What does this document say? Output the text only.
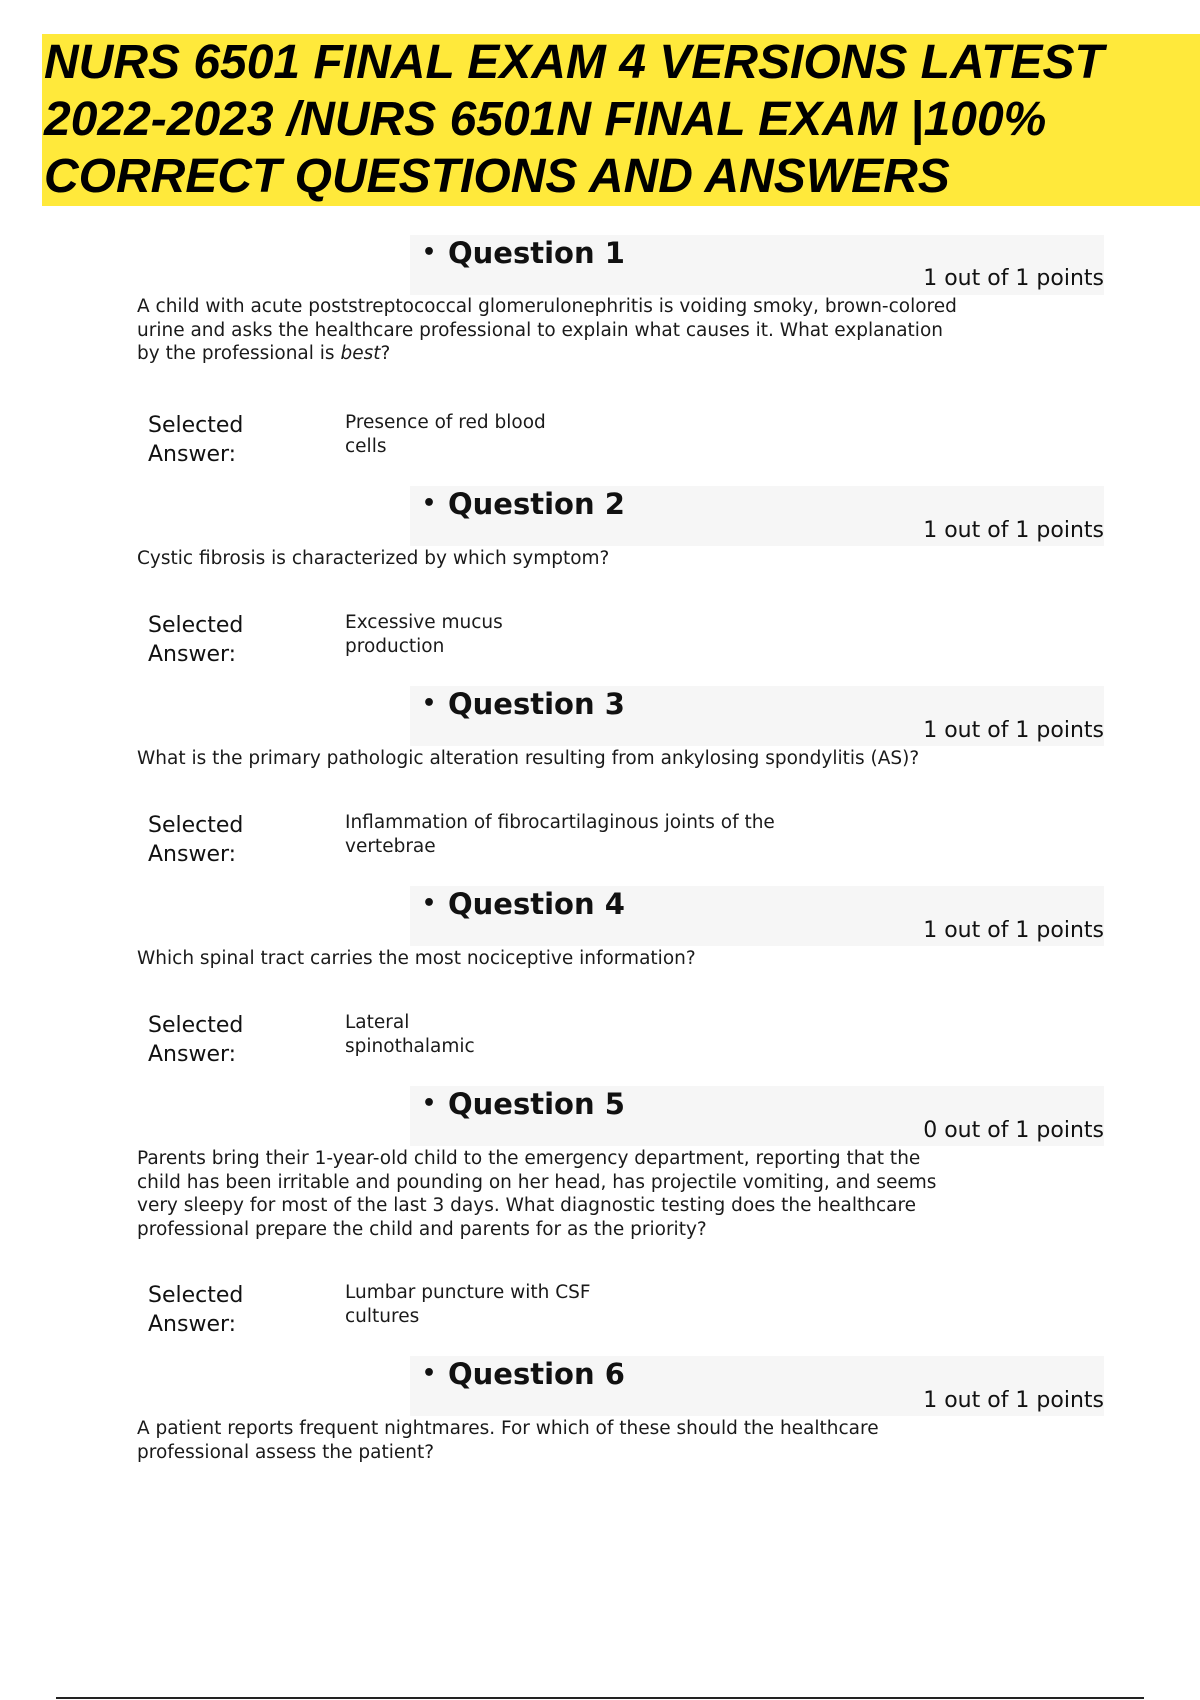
NURS 6501 FINAL EXAM 4 VERSIONS LATEST
2022-2023 /NURS 6501N FINAL EXAM |100%
CORRECT QUESTIONS AND ANSWERS
• Question 1
1 out of 1 points
A child with acute poststreptococcal glomerulonephritis is voiding smoky, brown-colored
urine and asks the healthcare professional to explain what causes it. What explanation
by the professional is best?
Selected
Answer:
Presence of red blood
cells
• Question 2
1 out of 1 points
Cystic fibrosis is characterized by which symptom?
Selected
Answer:
Excessive mucus
production
• Question 3
1 out of 1 points
What is the primary pathologic alteration resulting from ankylosing spondylitis (AS)?
Selected
Answer:
Inflammation of fibrocartilaginous joints of the
vertebrae
• Question 4
1 out of 1 points
Which spinal tract carries the most nociceptive information?
Selected
Answer:
Lateral
spinothalamic
• Question 5
0 out of 1 points
Parents bring their 1-year-old child to the emergency department, reporting that the
child has been irritable and pounding on her head, has projectile vomiting, and seems
very sleepy for most of the last 3 days. What diagnostic testing does the healthcare
professional prepare the child and parents for as the priority?
Selected
Answer:
Lumbar puncture with CSF
cultures
• Question 6
1 out of 1 points
A patient reports frequent nightmares. For which of these should the healthcare
professional assess the patient?
